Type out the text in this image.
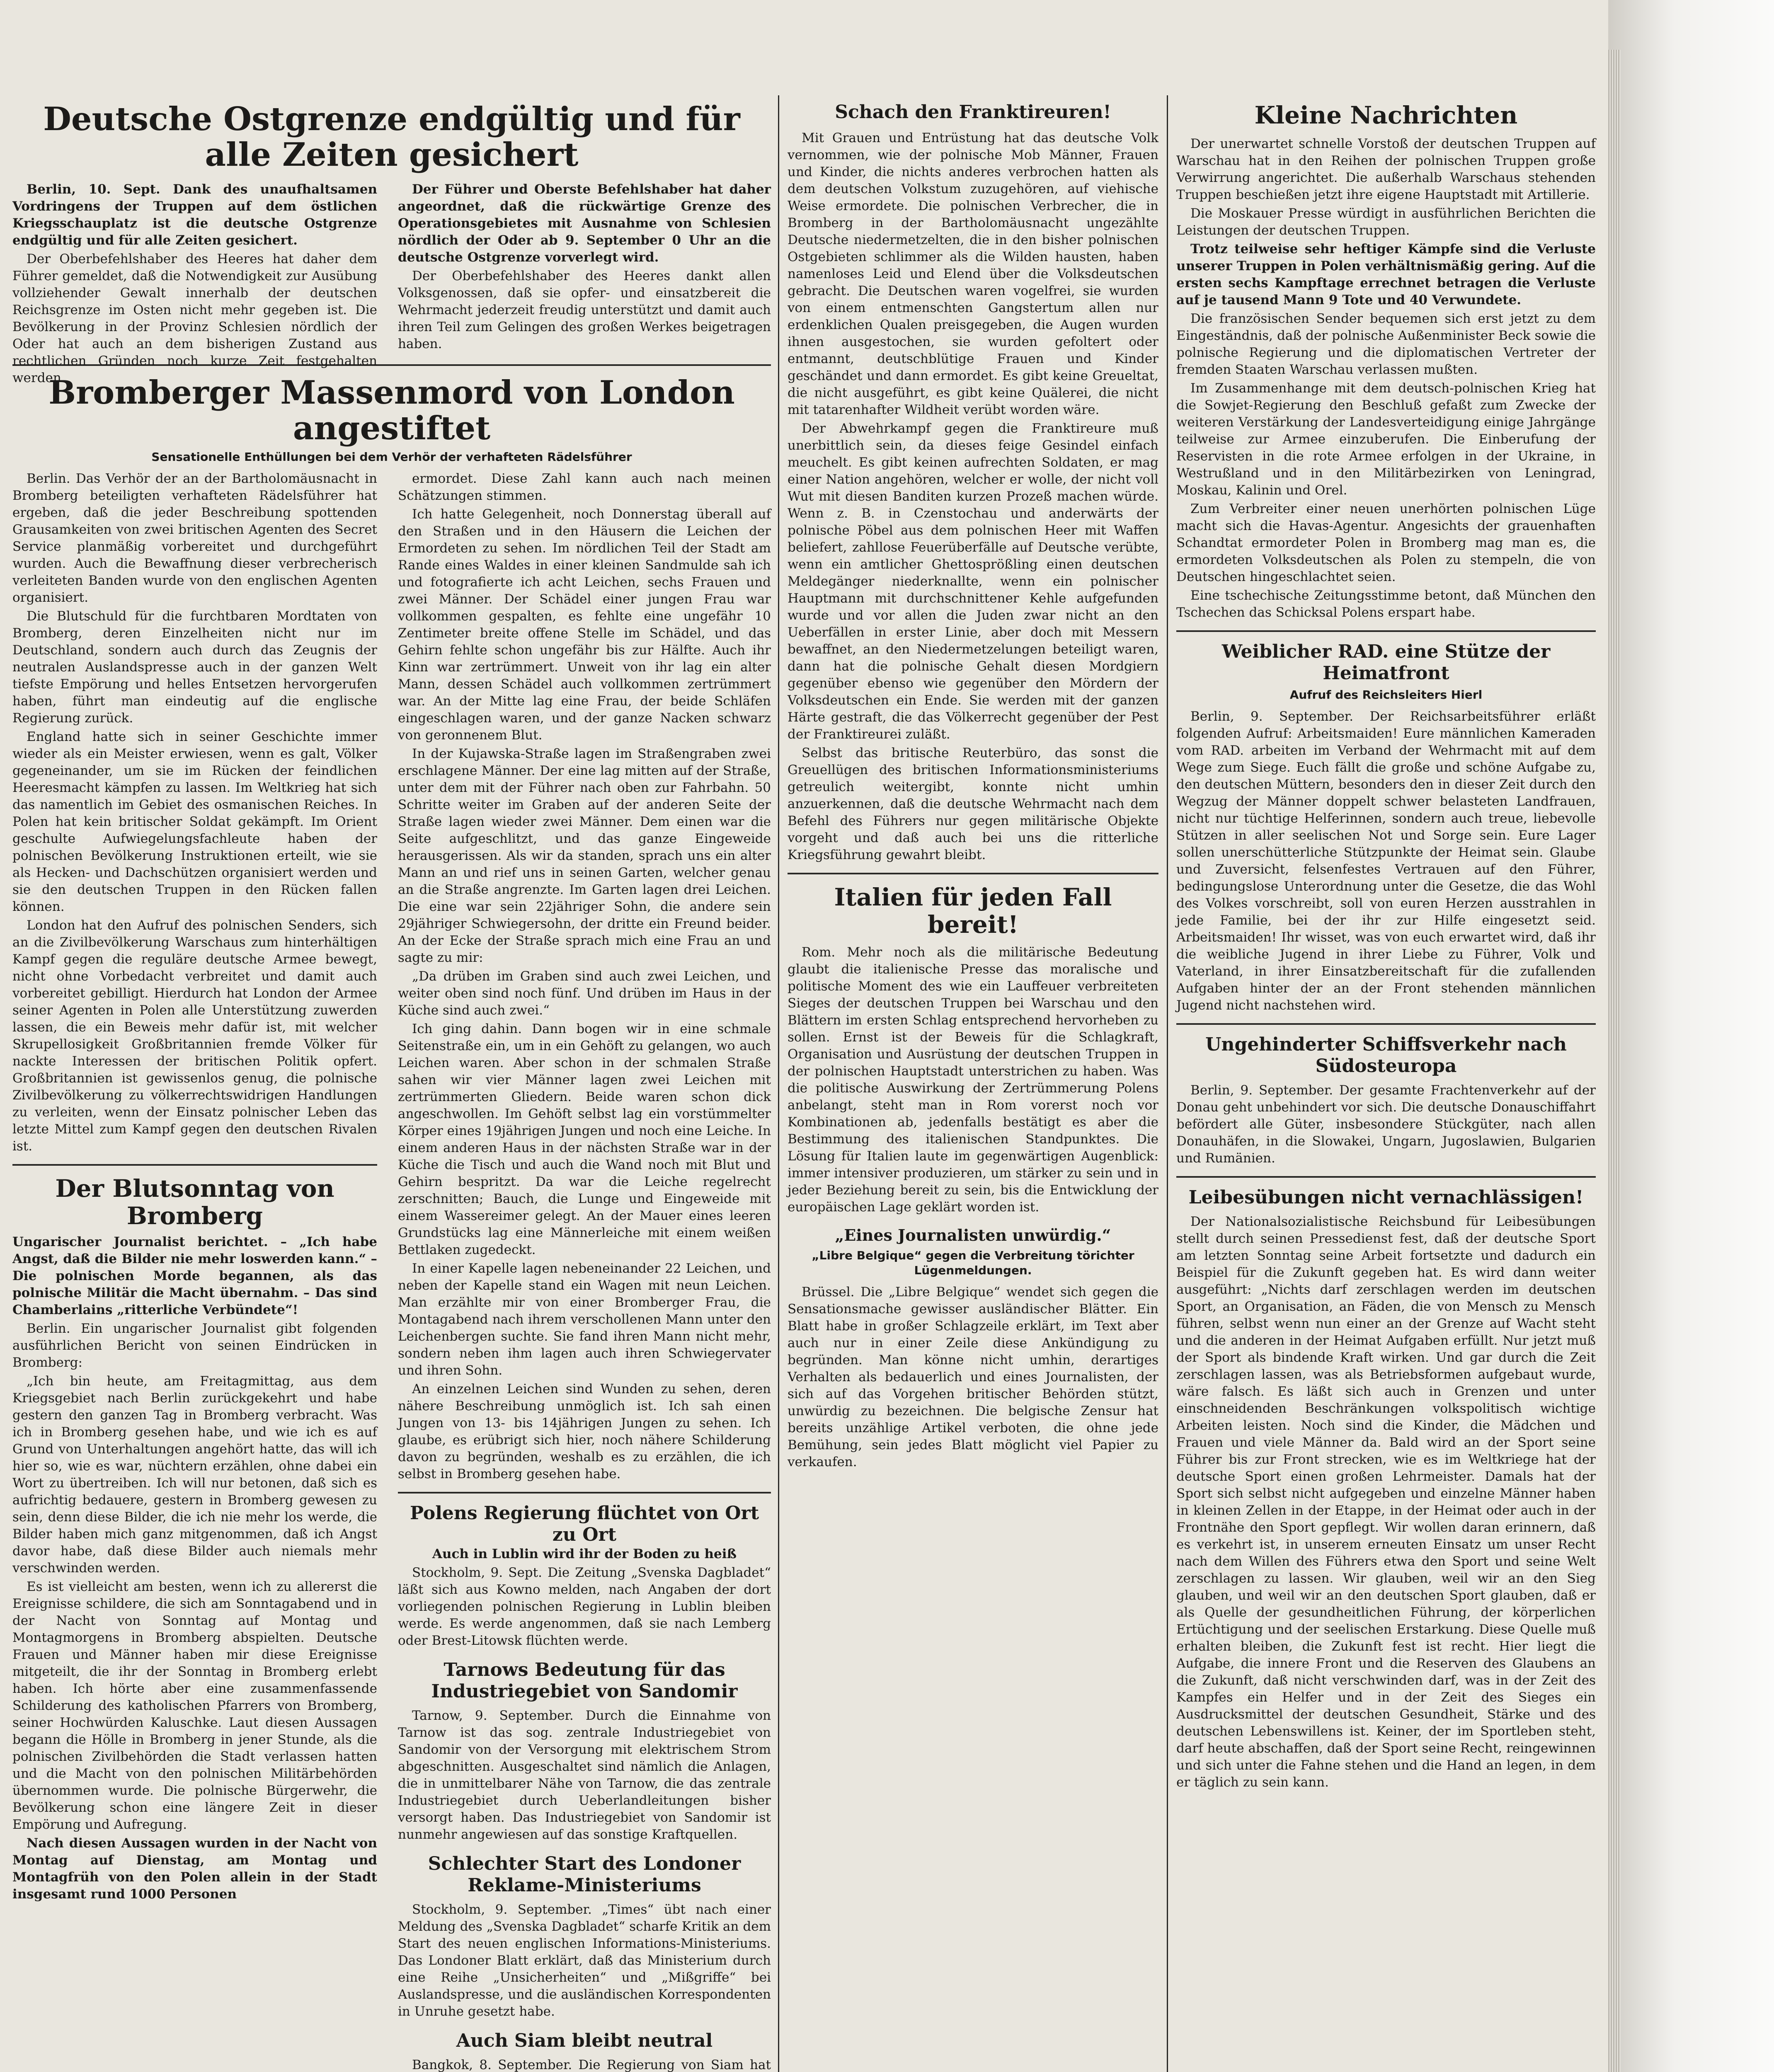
Deutsche Ostgrenze endgültig und für alle Zeiten gesichert

Berlin, 10. Sept. Dank des unaufhaltsamen Vordringens der Truppen auf dem östlichen Kriegsschauplatz ist die deutsche Ostgrenze endgültig und für alle Zeiten gesichert.

Der Oberbefehlshaber des Heeres hat daher dem Führer gemeldet, daß die Notwendigkeit zur Ausübung vollziehender Gewalt innerhalb der deutschen Reichsgrenze im Osten nicht mehr gegeben ist. Die Bevölkerung in der Provinz Schlesien nördlich der Oder hat auch an dem bisherigen Zustand aus rechtlichen Gründen noch kurze Zeit festgehalten werden.

Der Führer und Oberste Befehlshaber hat daher angeordnet, daß die rückwärtige Grenze des Operationsgebietes mit Ausnahme von Schlesien nördlich der Oder ab 9. September 0 Uhr an die deutsche Ostgrenze vorverlegt wird.

Der Oberbefehlshaber des Heeres dankt allen Volksgenossen, daß sie opfer- und einsatzbereit die Wehrmacht jederzeit freudig unterstützt und damit auch ihren Teil zum Gelingen des großen Werkes beigetragen haben.

Bromberger Massenmord von London angestiftet
Sensationelle Enthüllungen bei dem Verhör der verhafteten Rädelsführer

Berlin. Das Verhör der an der Bartholomäusnacht in Bromberg beteiligten verhafteten Rädelsführer hat ergeben, daß die jeder Beschreibung spottenden Grausamkeiten von zwei britischen Agenten des Secret Service planmäßig vorbereitet und durchgeführt wurden. Auch die Bewaffnung dieser verbrecherisch verleiteten Banden wurde von den englischen Agenten organisiert.

Die Blutschuld für die furchtbaren Mordtaten von Bromberg, deren Einzelheiten nicht nur im Deutschland, sondern auch durch das Zeugnis der neutralen Auslandspresse auch in der ganzen Welt tiefste Empörung und helles Entsetzen hervorgerufen haben, führt man eindeutig auf die englische Regierung zurück.

England hatte sich in seiner Geschichte immer wieder als ein Meister erwiesen, wenn es galt, Völker gegeneinander, um sie im Rücken der feindlichen Heeresmacht kämpfen zu lassen. Im Weltkrieg hat sich das namentlich im Gebiet des osmanischen Reiches. In Polen hat kein britischer Soldat gekämpft. Im Orient geschulte Aufwiegelungsfachleute haben der polnischen Bevölkerung Instruktionen erteilt, wie sie als Hecken- und Dachschützen organisiert werden und sie den deutschen Truppen in den Rücken fallen können.

London hat den Aufruf des polnischen Senders, sich an die Zivilbevölkerung Warschaus zum hinterhältigen Kampf gegen die reguläre deutsche Armee bewegt, nicht ohne Vorbedacht verbreitet und damit auch vorbereitet gebilligt. Hierdurch hat London der Armee seiner Agenten in Polen alle Unterstützung zuwerden lassen, die ein Beweis mehr dafür ist, mit welcher Skrupellosigkeit Großbritannien fremde Völker für nackte Interessen der britischen Politik opfert. Großbritannien ist gewissenlos genug, die polnische Zivilbevölkerung zu völkerrechtswidrigen Handlungen zu verleiten, wenn der Einsatz polnischer Leben das letzte Mittel zum Kampf gegen den deutschen Rivalen ist.

Der Blutsonntag von Bromberg

Ungarischer Journalist berichtet. – „Ich habe Angst, daß die Bilder nie mehr loswerden kann.“ – Die polnischen Morde begannen, als das polnische Militär die Macht übernahm. – Das sind Chamberlains „ritterliche Verbündete“!

Berlin. Ein ungarischer Journalist gibt folgenden ausführlichen Bericht von seinen Eindrücken in Bromberg:

„Ich bin heute, am Freitagmittag, aus dem Kriegsgebiet nach Berlin zurückgekehrt und habe gestern den ganzen Tag in Bromberg verbracht. Was ich in Bromberg gesehen habe, und wie ich es auf Grund von Unterhaltungen angehört hatte, das will ich hier so, wie es war, nüchtern erzählen, ohne dabei ein Wort zu übertreiben. Ich will nur betonen, daß sich es aufrichtig bedauere, gestern in Bromberg gewesen zu sein, denn diese Bilder, die ich nie mehr los werde, die Bilder haben mich ganz mitgenommen, daß ich Angst davor habe, daß diese Bilder auch niemals mehr verschwinden werden.

Es ist vielleicht am besten, wenn ich zu allererst die Ereignisse schildere, die sich am Sonntagabend und in der Nacht von Sonntag auf Montag und Montagmorgens in Bromberg abspielten. Deutsche Frauen und Männer haben mir diese Ereignisse mitgeteilt, die ihr der Sonntag in Bromberg erlebt haben. Ich hörte aber eine zusammenfassende Schilderung des katholischen Pfarrers von Bromberg, seiner Hochwürden Kaluschke. Laut diesen Aussagen begann die Hölle in Bromberg in jener Stunde, als die polnischen Zivilbehörden die Stadt verlassen hatten und die Macht von den polnischen Militärbehörden übernommen wurde. Die polnische Bürgerwehr, die Bevölkerung schon eine längere Zeit in dieser Empörung und Aufregung.

Nach diesen Aussagen wurden in der Nacht von Montag auf Dienstag, am Montag und Montagfrüh von den Polen allein in der Stadt insgesamt rund 1000 Personen

ermordet. Diese Zahl kann auch nach meinen Schätzungen stimmen.

Ich hatte Gelegenheit, noch Donnerstag überall auf den Straßen und in den Häusern die Leichen der Ermordeten zu sehen. Im nördlichen Teil der Stadt am Rande eines Waldes in einer kleinen Sandmulde sah ich und fotografierte ich acht Leichen, sechs Frauen und zwei Männer. Der Schädel einer jungen Frau war vollkommen gespalten, es fehlte eine ungefähr 10 Zentimeter breite offene Stelle im Schädel, und das Gehirn fehlte schon ungefähr bis zur Hälfte. Auch ihr Kinn war zertrümmert. Unweit von ihr lag ein alter Mann, dessen Schädel auch vollkommen zertrümmert war. An der Mitte lag eine Frau, der beide Schläfen eingeschlagen waren, und der ganze Nacken schwarz von geronnenem Blut.

In der Kujawska-Straße lagen im Straßengraben zwei erschlagene Männer. Der eine lag mitten auf der Straße, unter dem mit der Führer nach oben zur Fahrbahn. 50 Schritte weiter im Graben auf der anderen Seite der Straße lagen wieder zwei Männer. Dem einen war die Seite aufgeschlitzt, und das ganze Eingeweide herausgerissen. Als wir da standen, sprach uns ein alter Mann an und rief uns in seinen Garten, welcher genau an die Straße angrenzte. Im Garten lagen drei Leichen. Die eine war sein 22jähriger Sohn, die andere sein 29jähriger Schwiegersohn, der dritte ein Freund beider. An der Ecke der Straße sprach mich eine Frau an und sagte zu mir:

„Da drüben im Graben sind auch zwei Leichen, und weiter oben sind noch fünf. Und drüben im Haus in der Küche sind auch zwei.“

Ich ging dahin. Dann bogen wir in eine schmale Seitenstraße ein, um in ein Gehöft zu gelangen, wo auch Leichen waren. Aber schon in der schmalen Straße sahen wir vier Männer lagen zwei Leichen mit zertrümmerten Gliedern. Beide waren schon dick angeschwollen. Im Gehöft selbst lag ein vorstümmelter Körper eines 19jährigen Jungen und noch eine Leiche. In einem anderen Haus in der nächsten Straße war in der Küche die Tisch und auch die Wand noch mit Blut und Gehirn bespritzt. Da war die Leiche regelrecht zerschnitten; Bauch, die Lunge und Eingeweide mit einem Wassereimer gelegt. An der Mauer eines leeren Grundstücks lag eine Männerleiche mit einem weißen Bettlaken zugedeckt.

In einer Kapelle lagen nebeneinander 22 Leichen, und neben der Kapelle stand ein Wagen mit neun Leichen. Man erzählte mir von einer Bromberger Frau, die Montagabend nach ihrem verschollenen Mann unter den Leichenbergen suchte. Sie fand ihren Mann nicht mehr, sondern neben ihm lagen auch ihren Schwiegervater und ihren Sohn.

An einzelnen Leichen sind Wunden zu sehen, deren nähere Beschreibung unmöglich ist. Ich sah einen Jungen von 13- bis 14jährigen Jungen zu sehen. Ich glaube, es erübrigt sich hier, noch nähere Schilderung davon zu begründen, weshalb es zu erzählen, die ich selbst in Bromberg gesehen habe.

Polens Regierung flüchtet von Ort zu Ort

Auch in Lublin wird ihr der Boden zu heiß

Stockholm, 9. Sept. Die Zeitung „Svenska Dagbladet“ läßt sich aus Kowno melden, nach Angaben der dort vorliegenden polnischen Regierung in Lublin bleiben werde. Es werde angenommen, daß sie nach Lemberg oder Brest-Litowsk flüchten werde.

Tarnows Bedeutung für das Industriegebiet von Sandomir

Tarnow, 9. September. Durch die Einnahme von Tarnow ist das sog. zentrale Industriegebiet von Sandomir von der Versorgung mit elektrischem Strom abgeschnitten. Ausgeschaltet sind nämlich die Anlagen, die in unmittelbarer Nähe von Tarnow, die das zentrale Industriegebiet durch Ueberlandleitungen bisher versorgt haben. Das Industriegebiet von Sandomir ist nunmehr angewiesen auf das sonstige Kraftquellen.

Schlechter Start des Londoner Reklame-Ministeriums

Stockholm, 9. September. „Times“ übt nach einer Meldung des „Svenska Dagbladet“ scharfe Kritik an dem Start des neuen englischen Informations-Ministeriums. Das Londoner Blatt erklärt, daß das Ministerium durch eine Reihe „Unsicherheiten“ und „Mißgriffe“ bei Auslandspresse, und die ausländischen Korrespondenten in Unruhe gesetzt habe.

Auch Siam bleibt neutral

Bangkok, 8. September. Die Regierung von Siam hat

Schach den Franktireuren!

Mit Grauen und Entrüstung hat das deutsche Volk vernommen, wie der polnische Mob Männer, Frauen und Kinder, die nichts anderes verbrochen hatten als dem deutschen Volkstum zuzugehören, auf viehische Weise ermordete. Die polnischen Verbrecher, die in Bromberg in der Bartholomäusnacht ungezählte Deutsche niedermetzelten, die in den bisher polnischen Ostgebieten schlimmer als die Wilden hausten, haben namenloses Leid und Elend über die Volksdeutschen gebracht. Die Deutschen waren vogelfrei, sie wurden von einem entmenschten Gangstertum allen nur erdenklichen Qualen preisgegeben, die Augen wurden ihnen ausgestochen, sie wurden gefoltert oder entmannt, deutschblütige Frauen und Kinder geschändet und dann ermordet. Es gibt keine Greueltat, die nicht ausgeführt, es gibt keine Quälerei, die nicht mit tatarenhafter Wildheit verübt worden wäre.

Der Abwehrkampf gegen die Franktireure muß unerbittlich sein, da dieses feige Gesindel einfach meuchelt. Es gibt keinen aufrechten Soldaten, er mag einer Nation angehören, welcher er wolle, der nicht voll Wut mit diesen Banditen kurzen Prozeß machen würde. Wenn z. B. in Czenstochau und anderwärts der polnische Pöbel aus dem polnischen Heer mit Waffen beliefert, zahllose Feuerüberfälle auf Deutsche verübte, wenn ein amtlicher Ghettosprößling einen deutschen Meldegänger niederknallte, wenn ein polnischer Hauptmann mit durchschnittener Kehle aufgefunden wurde und vor allen die Juden zwar nicht an den Ueberfällen in erster Linie, aber doch mit Messern bewaffnet, an den Niedermetzelungen beteiligt waren, dann hat die polnische Gehalt diesen Mordgiern gegenüber ebenso wie gegenüber den Mördern der Volksdeutschen ein Ende. Sie werden mit der ganzen Härte gestraft, die das Völkerrecht gegenüber der Pest der Franktireurei zuläßt.

Selbst das britische Reuterbüro, das sonst die Greuellügen des britischen Informationsministeriums getreulich weitergibt, konnte nicht umhin anzuerkennen, daß die deutsche Wehrmacht nach dem Befehl des Führers nur gegen militärische Objekte vorgeht und daß auch bei uns die ritterliche Kriegsführung gewahrt bleibt.

Italien für jeden Fall bereit!

Rom. Mehr noch als die militärische Bedeutung glaubt die italienische Presse das moralische und politische Moment des wie ein Lauffeuer verbreiteten Sieges der deutschen Truppen bei Warschau und den Blättern im ersten Schlag entsprechend hervorheben zu sollen. Ernst ist der Beweis für die Schlagkraft, Organisation und Ausrüstung der deutschen Truppen in der polnischen Hauptstadt unterstrichen zu haben. Was die politische Auswirkung der Zertrümmerung Polens anbelangt, steht man in Rom vorerst noch vor Kombinationen ab, jedenfalls bestätigt es aber die Bestimmung des italienischen Standpunktes. Die Lösung für Italien laute im gegenwärtigen Augenblick: immer intensiver produzieren, um stärker zu sein und in jeder Beziehung bereit zu sein, bis die Entwicklung der europäischen Lage geklärt worden ist.

„Eines Journalisten unwürdig.“
„Libre Belgique“ gegen die Verbreitung törichter Lügenmeldungen.

Brüssel. Die „Libre Belgique“ wendet sich gegen die Sensationsmache gewisser ausländischer Blätter. Ein Blatt habe in großer Schlagzeile erklärt, im Text aber auch nur in einer Zeile diese Ankündigung zu begründen. Man könne nicht umhin, derartiges Verhalten als bedauerlich und eines Journalisten, der sich auf das Vorgehen britischer Behörden stützt, unwürdig zu bezeichnen. Die belgische Zensur hat bereits unzählige Artikel verboten, die ohne jede Bemühung, sein jedes Blatt möglicht viel Papier zu verkaufen.

Kleine Nachrichten

Der unerwartet schnelle Vorstoß der deutschen Truppen auf Warschau hat in den Reihen der polnischen Truppen große Verwirrung angerichtet. Die außerhalb Warschaus stehenden Truppen beschießen jetzt ihre eigene Hauptstadt mit Artillerie.

Die Moskauer Presse würdigt in ausführlichen Berichten die Leistungen der deutschen Truppen.

Trotz teilweise sehr heftiger Kämpfe sind die Verluste unserer Truppen in Polen verhältnismäßig gering. Auf die ersten sechs Kampftage errechnet betragen die Verluste auf je tausend Mann 9 Tote und 40 Verwundete.

Die französischen Sender bequemen sich erst jetzt zu dem Eingeständnis, daß der polnische Außenminister Beck sowie die polnische Regierung und die diplomatischen Vertreter der fremden Staaten Warschau verlassen mußten.

Im Zusammenhange mit dem deutsch-polnischen Krieg hat die Sowjet-Regierung den Beschluß gefaßt zum Zwecke der weiteren Verstärkung der Landesverteidigung einige Jahrgänge teilweise zur Armee einzuberufen. Die Einberufung der Reservisten in die rote Armee erfolgen in der Ukraine, in Westrußland und in den Militärbezirken von Leningrad, Moskau, Kalinin und Orel.

Zum Verbreiter einer neuen unerhörten polnischen Lüge macht sich die Havas-Agentur. Angesichts der grauenhaften Schandtat ermordeter Polen in Bromberg mag man es, die ermordeten Volksdeutschen als Polen zu stempeln, die von Deutschen hingeschlachtet seien.

Eine tschechische Zeitungsstimme betont, daß München den Tschechen das Schicksal Polens erspart habe.

Weiblicher RAD. eine Stütze der Heimatfront
Aufruf des Reichsleiters Hierl

Berlin, 9. September. Der Reichsarbeitsführer erläßt folgenden Aufruf: Arbeitsmaiden! Eure männlichen Kameraden vom RAD. arbeiten im Verband der Wehrmacht mit auf dem Wege zum Siege. Euch fällt die große und schöne Aufgabe zu, den deutschen Müttern, besonders den in dieser Zeit durch den Wegzug der Männer doppelt schwer belasteten Landfrauen, nicht nur tüchtige Helferinnen, sondern auch treue, liebevolle Stützen in aller seelischen Not und Sorge sein. Eure Lager sollen unerschütterliche Stützpunkte der Heimat sein. Glaube und Zuversicht, felsenfestes Vertrauen auf den Führer, bedingungslose Unterordnung unter die Gesetze, die das Wohl des Volkes vorschreibt, soll von euren Herzen ausstrahlen in jede Familie, bei der ihr zur Hilfe eingesetzt seid. Arbeitsmaiden! Ihr wisset, was von euch erwartet wird, daß ihr die weibliche Jugend in ihrer Liebe zu Führer, Volk und Vaterland, in ihrer Einsatzbereitschaft für die zufallenden Aufgaben hinter der an der Front stehenden männlichen Jugend nicht nachstehen wird.

Ungehinderter Schiffsverkehr nach Südosteuropa

Berlin, 9. September. Der gesamte Frachtenverkehr auf der Donau geht unbehindert vor sich. Die deutsche Donauschiffahrt befördert alle Güter, insbesondere Stückgüter, nach allen Donauhäfen, in die Slowakei, Ungarn, Jugoslawien, Bulgarien und Rumänien.

Leibesübungen nicht vernachlässigen!

Der Nationalsozialistische Reichsbund für Leibesübungen stellt durch seinen Pressedienst fest, daß der deutsche Sport am letzten Sonntag seine Arbeit fortsetzte und dadurch ein Beispiel für die Zukunft gegeben hat. Es wird dann weiter ausgeführt: „Nichts darf zerschlagen werden im deutschen Sport, an Organisation, an Fäden, die von Mensch zu Mensch führen, selbst wenn nun einer an der Grenze auf Wacht steht und die anderen in der Heimat Aufgaben erfüllt. Nur jetzt muß der Sport als bindende Kraft wirken. Und gar durch die Zeit zerschlagen lassen, was als Betriebsformen aufgebaut wurde, wäre falsch. Es läßt sich auch in Grenzen und unter einschneidenden Beschränkungen volkspolitisch wichtige Arbeiten leisten. Noch sind die Kinder, die Mädchen und Frauen und viele Männer da. Bald wird an der Sport seine Führer bis zur Front strecken, wie es im Weltkriege hat der deutsche Sport einen großen Lehrmeister. Damals hat der Sport sich selbst nicht aufgegeben und einzelne Männer haben in kleinen Zellen in der Etappe, in der Heimat oder auch in der Frontnähe den Sport gepflegt. Wir wollen daran erinnern, daß es verkehrt ist, in unserem erneuten Einsatz um unser Recht nach dem Willen des Führers etwa den Sport und seine Welt zerschlagen zu lassen. Wir glauben, weil wir an den Sieg glauben, und weil wir an den deutschen Sport glauben, daß er als Quelle der gesundheitlichen Führung, der körperlichen Ertüchtigung und der seelischen Erstarkung. Diese Quelle muß erhalten bleiben, die Zukunft fest ist recht. Hier liegt die Aufgabe, die innere Front und die Reserven des Glaubens an die Zukunft, daß nicht verschwinden darf, was in der Zeit des Kampfes ein Helfer und in der Zeit des Sieges ein Ausdrucksmittel der deutschen Gesundheit, Stärke und des deutschen Lebenswillens ist. Keiner, der im Sportleben steht, darf heute abschaffen, daß der Sport seine Recht, reingewinnen und sich unter die Fahne stehen und die Hand an legen, in dem er täglich zu sein kann.
